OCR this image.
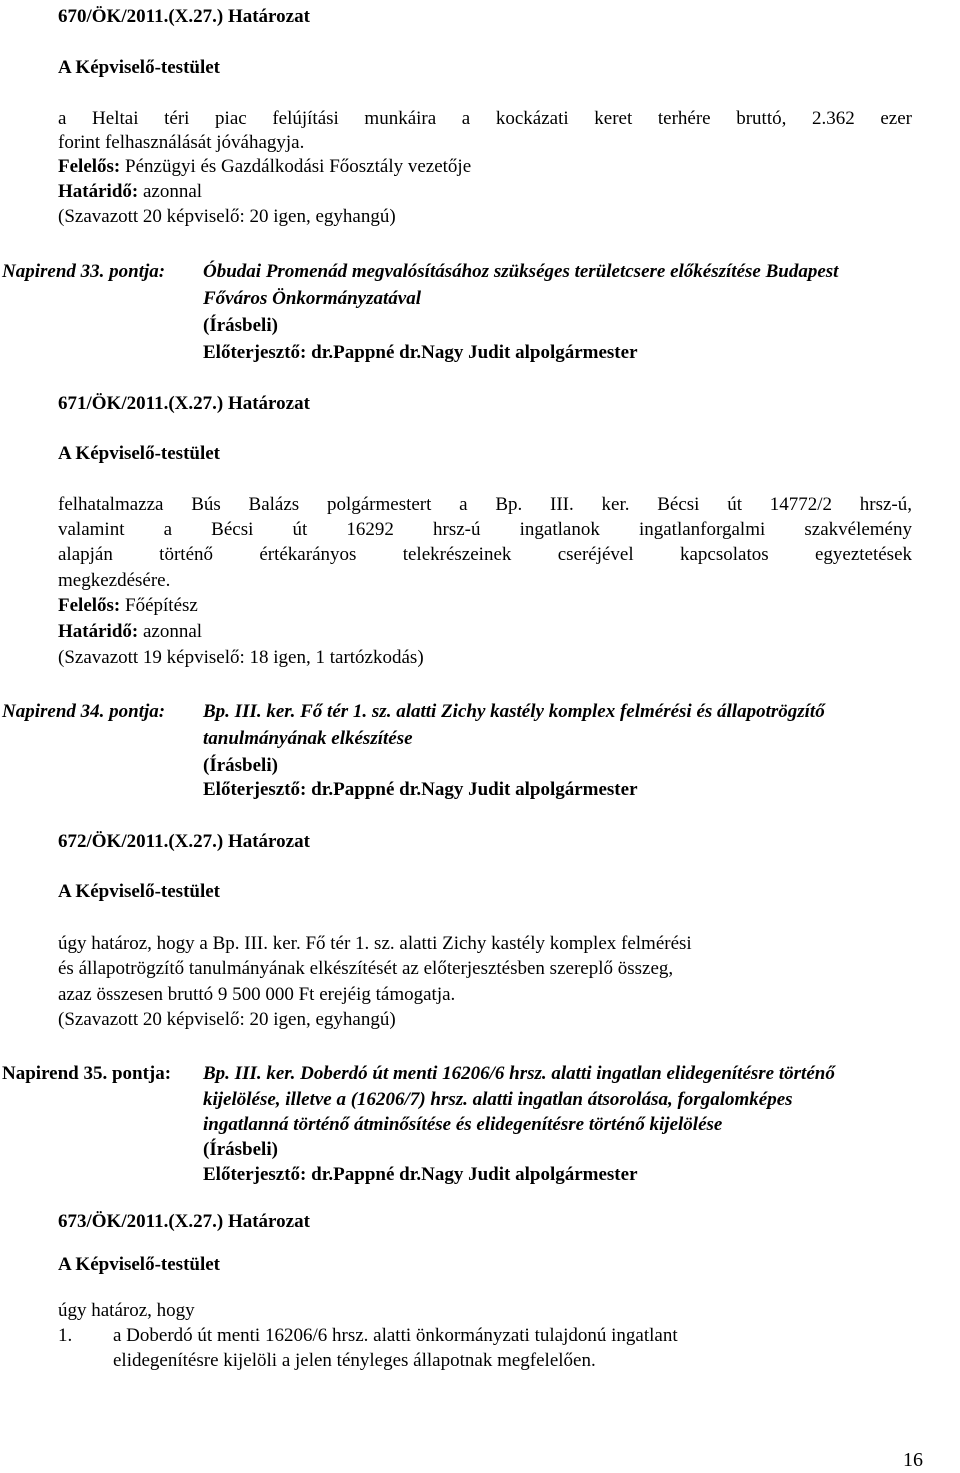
670/ÖK/2011.(X.27.) Határozat
A Képviselő-testület
a Heltai téri piac felújítási munkáira a kockázati keret terhére bruttó, 2.362 ezer
forint felhasználását jóváhagyja.
Felelős: Pénzügyi és Gazdálkodási Főosztály vezetője
Határidő: azonnal
(Szavazott 20 képviselő: 20 igen, egyhangú)
Napirend 33. pontja: Óbudai Promenád megvalósításához szükséges területcsere előkészítése Budapest
Főváros Önkormányzatával
(Írásbeli)
Előterjesztő: dr.Pappné dr.Nagy Judit alpolgármester
671/ÖK/2011.(X.27.) Határozat
A Képviselő-testület
felhatalmazza Bús Balázs polgármestert a Bp. III. ker. Bécsi út 14772/2 hrsz-ú,
valamint a Bécsi út 16292 hrsz-ú ingatlanok ingatlanforgalmi szakvélemény
alapján történő értékarányos telekrészeinek cseréjével kapcsolatos egyeztetések
megkezdésére.
Felelős: Főépítész
Határidő: azonnal
(Szavazott 19 képviselő: 18 igen, 1 tartózkodás)
Napirend 34. pontja: Bp. III. ker. Fő tér 1. sz. alatti Zichy kastély komplex felmérési és állapotrögzítő
tanulmányának elkészítése
(Írásbeli)
Előterjesztő: dr.Pappné dr.Nagy Judit alpolgármester
672/ÖK/2011.(X.27.) Határozat
A Képviselő-testület
úgy határoz, hogy a Bp. III. ker. Fő tér 1. sz. alatti Zichy kastély komplex felmérési
és állapotrögzítő tanulmányának elkészítését az előterjesztésben szereplő összeg,
azaz összesen bruttó 9 500 000 Ft erejéig támogatja.
(Szavazott 20 képviselő: 20 igen, egyhangú)
Napirend 35. pontja: Bp. III. ker. Doberdó út menti 16206/6 hrsz. alatti ingatlan elidegenítésre történő
kijelölése, illetve a (16206/7) hrsz. alatti ingatlan átsorolása, forgalomképes
ingatlanná történő átminősítése és elidegenítésre történő kijelölése
(Írásbeli)
Előterjesztő: dr.Pappné dr.Nagy Judit alpolgármester
673/ÖK/2011.(X.27.) Határozat
A Képviselő-testület
úgy határoz, hogy
1. a Doberdó út menti 16206/6 hrsz. alatti önkormányzati tulajdonú ingatlant
elidegenítésre kijelöli a jelen tényleges állapotnak megfelelően.
16
